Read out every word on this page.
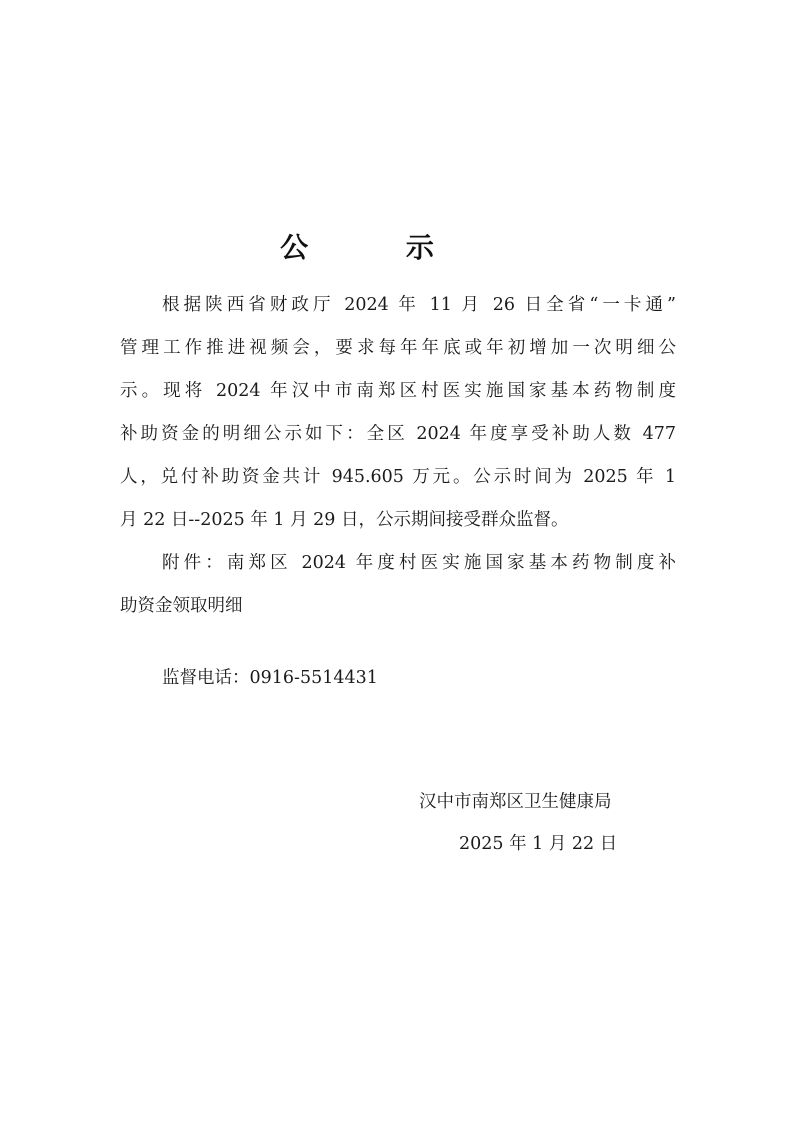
公 示
根据陕西省财政厅 2024 年 11 月 26 日全省“一卡通”
管理工作推进视频会，要求每年年底或年初增加一次明细公
示。现将 2024 年汉中市南郑区村医实施国家基本药物制度
补助资金的明细公示如下：全区 2024 年度享受补助人数 477
人，兑付补助资金共计 945.605 万元。公示时间为 2025 年 1
月 22 日--2025 年 1 月 29 日，公示期间接受群众监督。
附件：南郑区 2024 年度村医实施国家基本药物制度补
助资金领取明细
监督电话：0916-5514431
汉中市南郑区卫生健康局
2025 年 1 月 22 日
